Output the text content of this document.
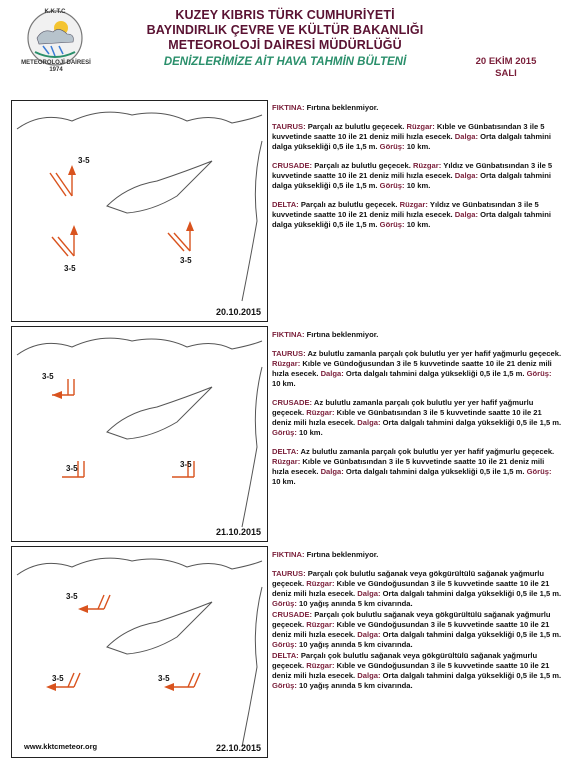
K.K.T.C
METEOROLOJİ DAİRESİ
1974
KUZEY KIBRIS TÜRK CUMHURİYETİ
BAYINDIRLIK ÇEVRE VE KÜLTÜR BAKANLIĞI
METEOROLOJİ DAİRESİ MÜDÜRLÜĞÜ
DENİZLERİMİZE AİT HAVA TAHMİN BÜLTENİ	20 EKİM 2015
SALI
3-5
3-5
3-5
20.10.2015

FIKTINA: Fırtına beklenmiyor.

TAURUS: Parçalı az bulutlu geçecek. Rüzgar: Kıble ve Günbatısından 3 ile 5 kuvvetinde saatte 10 ile 21 deniz mili hızla esecek. Dalga: Orta dalgalı tahmini dalga yüksekliği 0,5 ile 1,5 m. Görüş: 10 km.

CRUSADE: Parçalı az bulutlu geçecek. Rüzgar: Yıldız ve Günbatısından 3 ile 5 kuvvetinde saatte 10 ile 21 deniz mili hızla esecek. Dalga: Orta dalgalı tahmini dalga yüksekliği 0,5 ile 1,5 m. Görüş: 10 km.

DELTA: Parçalı az bulutlu geçecek. Rüzgar: Yıldız ve Günbatısından 3 ile 5 kuvvetinde saatte 10 ile 21 deniz mili hızla esecek. Dalga: Orta dalgalı tahmini dalga yüksekliği 0,5 ile 1,5 m. Görüş: 10 km.

3-5
3-5
3-5
21.10.2015

FIKTINA: Fırtına beklenmiyor.

TAURUS: Az bulutlu zamanla parçalı çok bulutlu yer yer hafif yağmurlu geçecek. Rüzgar: Kıble ve Gündoğusundan 3 ile 5 kuvvetinde saatte 10 ile 21 deniz mili hızla esecek. Dalga: Orta dalgalı tahmini dalga yüksekliği 0,5 ile 1,5 m. Görüş: 10 km.

CRUSADE: Az bulutlu zamanla parçalı çok bulutlu yer yer hafif yağmurlu geçecek. Rüzgar: Kıble ve Günbatısından 3 ile 5 kuvvetinde saatte 10 ile 21 deniz mili hızla esecek. Dalga: Orta dalgalı tahmini dalga yüksekliği 0,5 ile 1,5 m. Görüş: 10 km.

DELTA: Az bulutlu zamanla parçalı çok bulutlu yer yer hafif yağmurlu geçecek. Rüzgar: Kıble ve Günbatısından 3 ile 5 kuvvetinde saatte 10 ile 21 deniz mili hızla esecek. Dalga: Orta dalgalı tahmini dalga yüksekliği 0,5 ile 1,5 m. Görüş: 10 km.

3-5
3-5
3-5
www.kktcmeteor.org	22.10.2015

FIKTINA: Fırtına beklenmiyor.

TAURUS: Parçalı çok bulutlu sağanak veya gökgürültülü sağanak yağmurlu geçecek. Rüzgar: Kıble ve Gündoğusundan 3 ile 5 kuvvetinde saatte 10 ile 21 deniz mili hızla esecek. Dalga: Orta dalgalı tahmini dalga yüksekliği 0,5 ile 1,5 m. Görüş: 10 yağış anında 5 km civarında.

CRUSADE: Parçalı çok bulutlu sağanak veya gökgürültülü sağanak yağmurlu geçecek. Rüzgar: Kıble ve Gündoğusundan 3 ile 5 kuvvetinde saatte 10 ile 21 deniz mili hızla esecek. Dalga: Orta dalgalı tahmini dalga yüksekliği 0,5 ile 1,5 m. Görüş: 10 yağış anında 5 km civarında.

DELTA: Parçalı çok bulutlu sağanak veya gökgürültülü sağanak yağmurlu geçecek. Rüzgar: Kıble ve Gündoğusundan 3 ile 5 kuvvetinde saatte 10 ile 21 deniz mili hızla esecek. Dalga: Orta dalgalı tahmini dalga yüksekliği 0,5 ile 1,5 m. Görüş: 10 yağış anında 5 km civarında.
